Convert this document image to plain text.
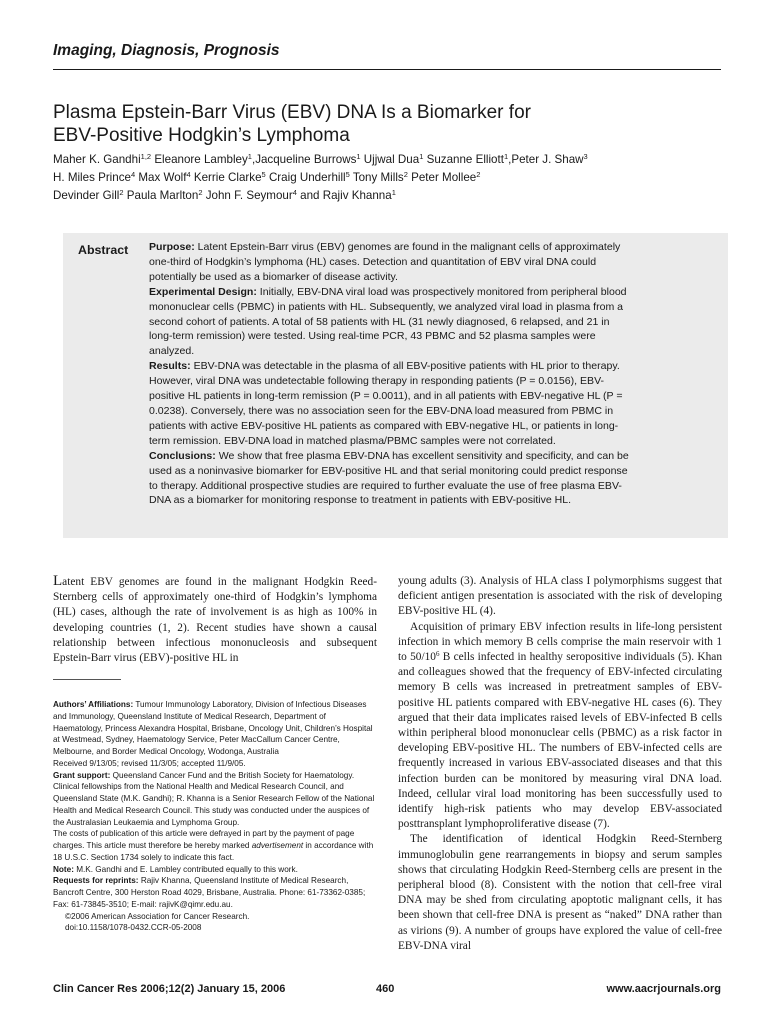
Imaging, Diagnosis, Prognosis
Plasma Epstein-Barr Virus (EBV) DNA Is a Biomarker for
EBV-Positive Hodgkin’s Lymphoma
Maher K. Gandhi$^{1,2}$ Eleanore Lambley$^1$,Jacqueline Burrows$^1$ Ujjwal Dua$^1$ Suzanne Elliott$^1$,Peter J. Shaw$^3$
H. Miles Prince$^4$ Max Wolf$^4$ Kerrie Clarke$^5$ Craig Underhill$^5$ Tony Mills$^2$ Peter Mollee$^2$
Devinder Gill$^2$ Paula Marlton$^2$ John F. Seymour$^4$ and Rajiv Khanna$^1$
Abstract Purpose: Latent Epstein-Barr virus (EBV) genomes are found in the malignant cells of approximately one-third of Hodgkin’s lymphoma (HL) cases. Detection and quantitation of EBV viral DNA could potentially be used as a biomarker of disease activity.

Experimental Design: Initially, EBV-DNA viral load was prospectively monitored from peripheral blood mononuclear cells (PBMC) in patients with HL. Subsequently, we analyzed viral load in plasma from a second cohort of patients. A total of 58 patients with HL (31 newly diagnosed, 6 relapsed, and 21 in long-term remission) were tested. Using real-time PCR, 43 PBMC and 52 plasma samples were analyzed.

Results: EBV-DNA was detectable in the plasma of all EBV-positive patients with HL prior to therapy. However, viral DNA was undetectable following therapy in responding patients (P = 0.0156), EBV-positive HL patients in long-term remission (P = 0.0011), and in all patients with EBV-negative HL (P = 0.0238). Conversely, there was no association seen for the EBV-DNA load measured from PBMC in patients with active EBV-positive HL patients as compared with EBV-negative HL, or patients in long-term remission. EBV-DNA load in matched plasma/PBMC samples were not correlated.

Conclusions: We show that free plasma EBV-DNA has excellent sensitivity and specificity, and can be used as a noninvasive biomarker for EBV-positive HL and that serial monitoring could predict response to therapy. Additional prospective studies are required to further evaluate the use of free plasma EBV-DNA as a biomarker for monitoring response to treatment in patients with EBV-positive HL.

Latent EBV genomes are found in the malignant Hodgkin Reed-Sternberg cells of approximately one-third of Hodgkin’s lymphoma (HL) cases, although the rate of involvement is as high as 100% in developing countries (1, 2). Recent studies have shown a causal relationship between infectious mononucleosis and subsequent Epstein-Barr virus (EBV)-positive HL in

Authors’ Affiliations: Tumour Immunology Laboratory, Division of Infectious Diseases and Immunology, Queensland Institute of Medical Research, Department of Haematology, Princess Alexandra Hospital, Brisbane, Oncology Unit, Children’s Hospital at Westmead, Sydney, Haematology Service, Peter MacCallum Cancer Centre, Melbourne, and Border Medical Oncology, Wodonga, Australia

Received 9/13/05; revised 11/3/05; accepted 11/9/05.

Grant support: Queensland Cancer Fund and the British Society for Haematology. Clinical fellowships from the National Health and Medical Research Council, and Queensland State (M.K. Gandhi); R. Khanna is a Senior Research Fellow of the National Health and Medical Research Council. This study was conducted under the auspices of the Australasian Leukaemia and Lymphoma Group.

The costs of publication of this article were defrayed in part by the payment of page charges. This article must therefore be hereby marked advertisement in accordance with 18 U.S.C. Section 1734 solely to indicate this fact.

Note: M.K. Gandhi and E. Lambley contributed equally to this work.

Requests for reprints: Rajiv Khanna, Queensland Institute of Medical Research, Bancroft Centre, 300 Herston Road 4029, Brisbane, Australia. Phone: 61-73362-0385; Fax: 61-73845-3510; E-mail: rajivK@qimr.edu.au.

©2006 American Association for Cancer Research.

doi:10.1158/1078-0432.CCR-05-2008

young adults (3). Analysis of HLA class I polymorphisms suggest that deficient antigen presentation is associated with the risk of developing EBV-positive HL (4).

Acquisition of primary EBV infection results in life-long persistent infection in which memory B cells comprise the main reservoir with 1 to $50/10^6$ B cells infected in healthy seropositive individuals (5). Khan and colleagues showed that the frequency of EBV-infected circulating memory B cells was increased in pretreatment samples of EBV-positive HL patients compared with EBV-negative HL cases (6). They argued that their data implicates raised levels of EBV-infected B cells within peripheral blood mononuclear cells (PBMC) as a risk factor in developing EBV-positive HL. The numbers of EBV-infected cells are frequently increased in various EBV-associated diseases and that this infection burden can be monitored by measuring viral DNA load. Indeed, cellular viral load monitoring has been successfully used to identify high-risk patients who may develop EBV-associated posttransplant lymphoproliferative disease (7).

The identification of identical Hodgkin Reed-Sternberg immunoglobulin gene rearrangements in biopsy and serum samples shows that circulating Hodgkin Reed-Sternberg cells are present in the peripheral blood (8). Consistent with the notion that cell-free viral DNA may be shed from circulating apoptotic malignant cells, it has been shown that cell-free DNA is present as “naked” DNA rather than as virions (9). A number of groups have explored the value of cell-free EBV-DNA viral

Clin Cancer Res 2006;12(2) January 15, 2006	460	www.aacrjournals.org
